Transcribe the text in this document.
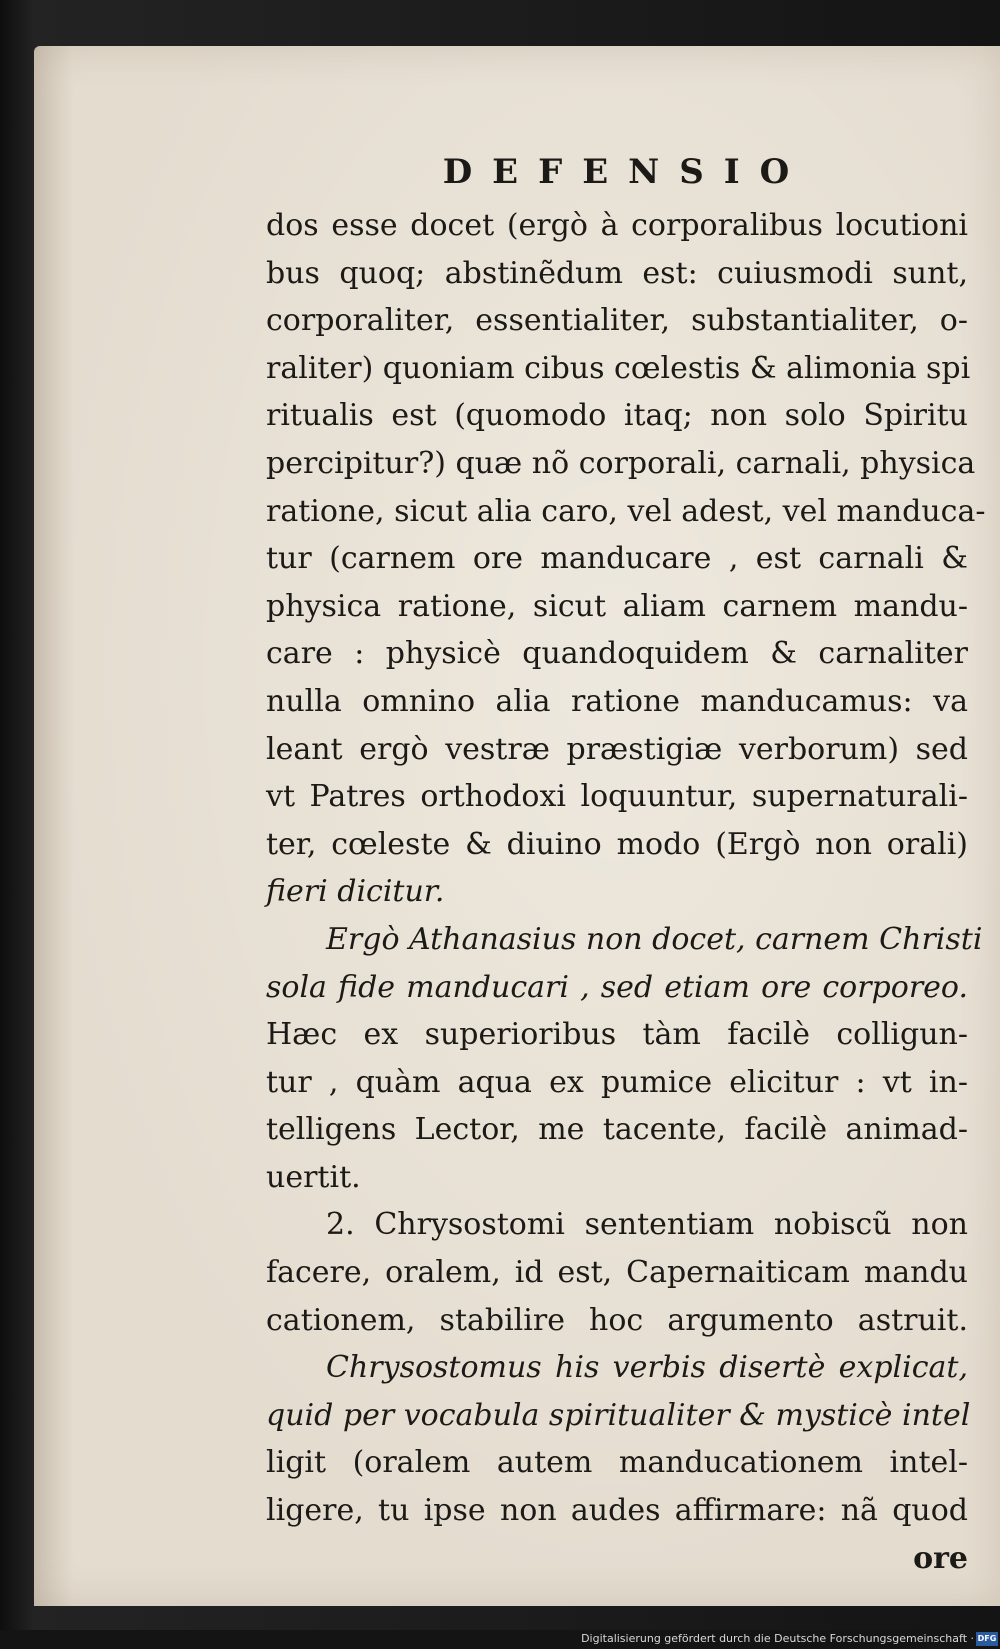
DEFENSIO
dos esse docet (ergò à corporalibus locutioni
bus quoq; abstinẽdum est: cuiusmodi sunt,
corporaliter, essentialiter, substantialiter, o-
raliter) quoniam cibus cœlestis & alimonia spi
ritualis est (quomodo itaq; non solo Spiritu
percipitur?) quæ nõ corporali, carnali, physica
ratione, sicut alia caro, vel adest, vel manduca-
tur (carnem ore manducare , est carnali &
physica ratione, sicut aliam carnem mandu-
care : physicè quandoquidem & carnaliter
nulla omnino alia ratione manducamus: va
leant ergò vestræ præstigiæ verborum) sed
vt Patres orthodoxi loquuntur, supernaturali-
ter, cœleste & diuino modo (Ergò non orali)
fieri dicitur.
Ergò Athanasius non docet, carnem Christi
sola fide manducari , sed etiam ore corporeo.
Hæc ex superioribus tàm facilè colligun-
tur , quàm aqua ex pumice elicitur : vt in-
telligens Lector, me tacente, facilè animad-
uertit.
2. Chrysostomi sententiam nobiscũ non
facere, oralem, id est, Capernaiticam mandu
cationem, stabilire hoc argumento astruit.
Chrysostomus his verbis disertè explicat,
quid per vocabula spiritualiter & mysticè intel
ligit (oralem autem manducationem intel-
ligere, tu ipse non audes affirmare: nã quod
ore
Digitalisierung gefördert durch die Deutsche Forschungsgemeinschaft · DFG
